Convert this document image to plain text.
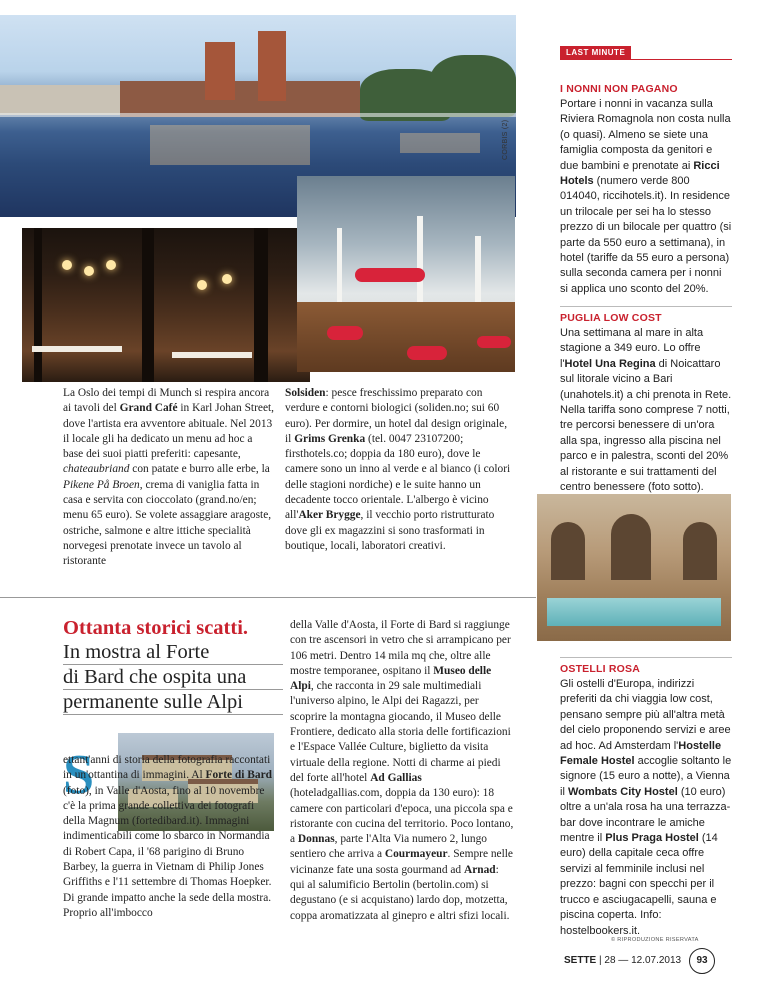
CORBIS (2)
La Oslo dei tempi di Munch si respira ancora ai tavoli del Grand Café in Karl Johan Street, dove l'artista era avventore abituale. Nel 2013 il locale gli ha dedicato un menu ad hoc a base dei suoi piatti preferiti: capesante, chateaubriand con patate e burro alle erbe, la Pikene På Broen, crema di vaniglia fatta in casa e servita con cioccolato (grand.no/en; menu 65 euro). Se volete assaggiare aragoste, ostriche, salmone e altre ittiche specialità norvegesi prenotate invece un tavolo al ristorante
Solsiden: pesce freschissimo preparato con verdure e contorni biologici (soliden.no; sui 60 euro). Per dormire, un hotel dal design originale, il Grims Grenka (tel. 0047 23107200; firsthotels.co; doppia da 180 euro), dove le camere sono un inno al verde e al bianco (i colori delle stagioni nordiche) e le suite hanno un decadente tocco orientale. L'albergo è vicino all'Aker Brygge, il vecchio porto ristrutturato dove gli ex magazzini si sono trasformati in boutique, locali, laboratori creativi.
Ottanta storici scatti.
In mostra al Forte
di Bard che ospita una
permanente sulle Alpi
S
ettant'anni di storia della fotografia raccontati in un'ottantina di immagini. Al Forte di Bard (foto), in Valle d'Aosta, fino al 10 novembre c'è la prima grande collettiva dei fotografi della Magnum (fortedibard.it). Immagini indimenticabili come lo sbarco in Normandia di Robert Capa, il '68 parigino di Bruno Barbey, la guerra in Vietnam di Philip Jones Griffiths e l'11 settembre di Thomas Hoepker. Di grande impatto anche la sede della mostra. Proprio all'imbocco
della Valle d'Aosta, il Forte di Bard si raggiunge con tre ascensori in vetro che si arrampicano per 106 metri. Dentro 14 mila mq che, oltre alle mostre temporanee, ospitano il Museo delle Alpi, che racconta in 29 sale multimediali l'universo alpino, le Alpi dei Ragazzi, per scoprire la montagna giocando, il Museo delle Frontiere, dedicato alla storia delle fortificazioni e l'Espace Vallée Culture, biglietto da visita virtuale della regione. Notti di charme ai piedi del forte all'hotel Ad Gallias (hoteladgallias.com, doppia da 130 euro): 18 camere con particolari d'epoca, una piccola spa e ristorante con cucina del territorio. Poco lontano, a Donnas, parte l'Alta Via numero 2, lungo sentiero che arriva a Courmayeur. Sempre nelle vicinanze fate una sosta gourmand ad Arnad: qui al salumificio Bertolin (bertolin.com) si degustano (e si acquistano) lardo dop, motzetta, coppa aromatizzata al ginepro e altri sfizi locali.
LAST MINUTE
I NONNI NON PAGANO
Portare i nonni in vacanza sulla Riviera Romagnola non costa nulla (o quasi). Almeno se siete una famiglia composta da genitori e due bambini e prenotate ai Ricci Hotels (numero verde 800 014040, riccihotels.it). In residence un trilocale per sei ha lo stesso prezzo di un bilocale per quattro (si parte da 550 euro a settimana), in hotel (tariffe da 55 euro a persona) sulla seconda camera per i nonni si applica uno sconto del 20%.
PUGLIA LOW COST
Una settimana al mare in alta stagione a 349 euro. Lo offre l'Hotel Una Regina di Noicattaro sul litorale vicino a Bari (unahotels.it) a chi prenota in Rete. Nella tariffa sono comprese 7 notti, tre percorsi benessere di un'ora alla spa, ingresso alla piscina nel parco e in palestra, sconti del 20% al ristorante e sui trattamenti del centro benessere (foto sotto).
OSTELLI ROSA
Gli ostelli d'Europa, indirizzi preferiti da chi viaggia low cost, pensano sempre più all'altra metà del cielo proponendo servizi e aree ad hoc. Ad Amsterdam l'Hostelle Female Hostel accoglie soltanto le signore (15 euro a notte), a Vienna il Wombats City Hostel (10 euro) oltre a un'ala rosa ha una terrazza-bar dove incontrare le amiche mentre il Plus Praga Hostel (14 euro) della capitale ceca offre servizi al femminile inclusi nel prezzo: bagni con specchi per il trucco e asciugacapelli, sauna e piscina coperta. Info: hostelbookers.it.
© RIPRODUZIONE RISERVATA
SETTE | 28 — 12.07.2013	93
